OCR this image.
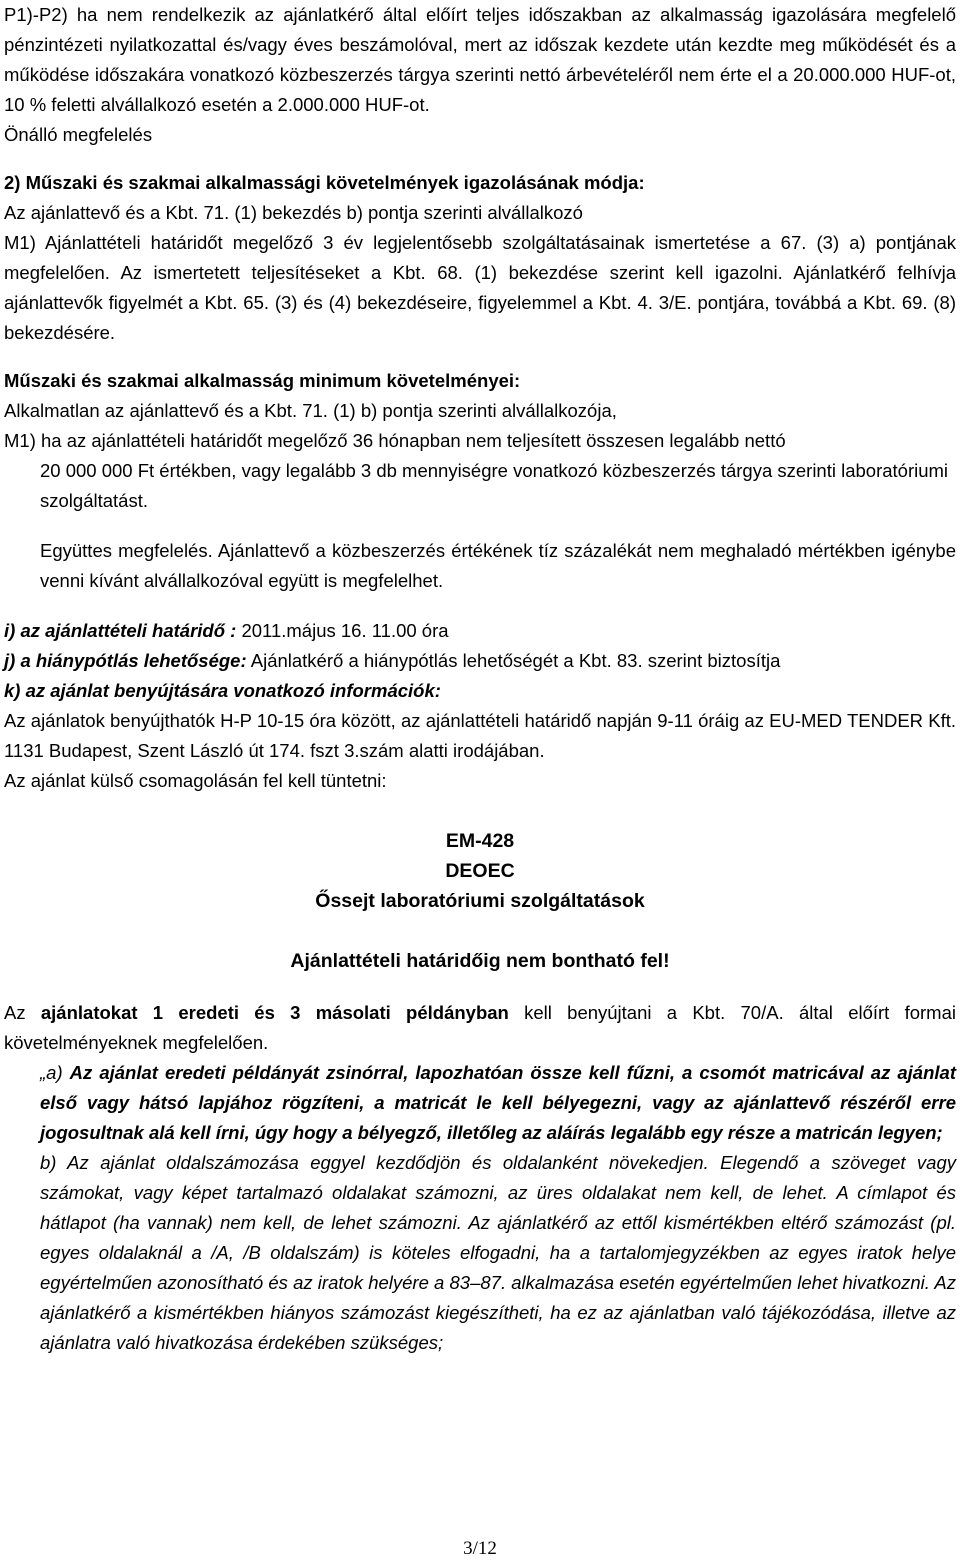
P1)-P2) ha nem rendelkezik az ajánlatkérő által előírt teljes időszakban az alkalmasság igazolására megfelelő pénzintézeti nyilatkozattal és/vagy éves beszámolóval, mert az időszak kezdete után kezdte meg működését és a működése időszakára vonatkozó közbeszerzés tárgya szerinti nettó árbevételéről nem érte el a 20.000.000 HUF-ot, 10 % feletti alvállalkozó esetén a 2.000.000 HUF-ot.

Önálló megfelelés

2) Műszaki és szakmai alkalmassági követelmények igazolásának módja:

Az ajánlattevő és a Kbt. 71. (1) bekezdés b) pontja szerinti alvállalkozó

M1) Ajánlattételi határidőt megelőző 3 év legjelentősebb szolgáltatásainak ismertetése a 67. (3) a) pontjának megfelelően. Az ismertetett teljesítéseket a Kbt. 68. (1) bekezdése szerint kell igazolni. Ajánlatkérő felhívja ajánlattevők figyelmét a Kbt. 65. (3) és (4) bekezdéseire, figyelemmel a Kbt. 4. 3/E. pontjára, továbbá a Kbt. 69. (8) bekezdésére.

Műszaki és szakmai alkalmasság minimum követelményei:

Alkalmatlan az ajánlattevő és a Kbt. 71. (1) b) pontja szerinti alvállalkozója,

M1) ha az ajánlattételi határidőt megelőző 36 hónapban nem teljesített összesen legalább nettó

20 000 000 Ft értékben, vagy legalább 3 db mennyiségre vonatkozó közbeszerzés tárgya szerinti laboratóriumi szolgáltatást.

Együttes megfelelés. Ajánlattevő a közbeszerzés értékének tíz százalékát nem meghaladó mértékben igénybe venni kívánt alvállalkozóval együtt is megfelelhet.

i) az ajánlattételi határidő : 2011.május 16. 11.00 óra

j) a hiánypótlás lehetősége: Ajánlatkérő a hiánypótlás lehetőségét a Kbt. 83. szerint biztosítja

k) az ajánlat benyújtására vonatkozó információk:

Az ajánlatok benyújthatók H-P 10-15 óra között, az ajánlattételi határidő napján 9-11 óráig az EU-MED TENDER Kft. 1131 Budapest, Szent László út 174. fszt 3.szám alatti irodájában.

Az ajánlat külső csomagolásán fel kell tüntetni:

EM-428

DEOEC

Őssejt laboratóriumi szolgáltatások

Ajánlattételi határidőig nem bontható fel!

Az ajánlatokat 1 eredeti és 3 másolati példányban kell benyújtani a Kbt. 70/A. által előírt formai követelményeknek megfelelően.

„a) Az ajánlat eredeti példányát zsinórral, lapozhatóan össze kell fűzni, a csomót matricával az ajánlat első vagy hátsó lapjához rögzíteni, a matricát le kell bélyegezni, vagy az ajánlattevő részéről erre jogosultnak alá kell írni, úgy hogy a bélyegző, illetőleg az aláírás legalább egy része a matricán legyen;

b) Az ajánlat oldalszámozása eggyel kezdődjön és oldalanként növekedjen. Elegendő a szöveget vagy számokat, vagy képet tartalmazó oldalakat számozni, az üres oldalakat nem kell, de lehet. A címlapot és hátlapot (ha vannak) nem kell, de lehet számozni. Az ajánlatkérő az ettől kismértékben eltérő számozást (pl. egyes oldalaknál a /A, /B oldalszám) is köteles elfogadni, ha a tartalomjegyzékben az egyes iratok helye egyértelműen azonosítható és az iratok helyére a 83–87. alkalmazása esetén egyértelműen lehet hivatkozni. Az ajánlatkérő a kismértékben hiányos számozást kiegészítheti, ha ez az ajánlatban való tájékozódása, illetve az ajánlatra való hivatkozása érdekében szükséges;

3/12
